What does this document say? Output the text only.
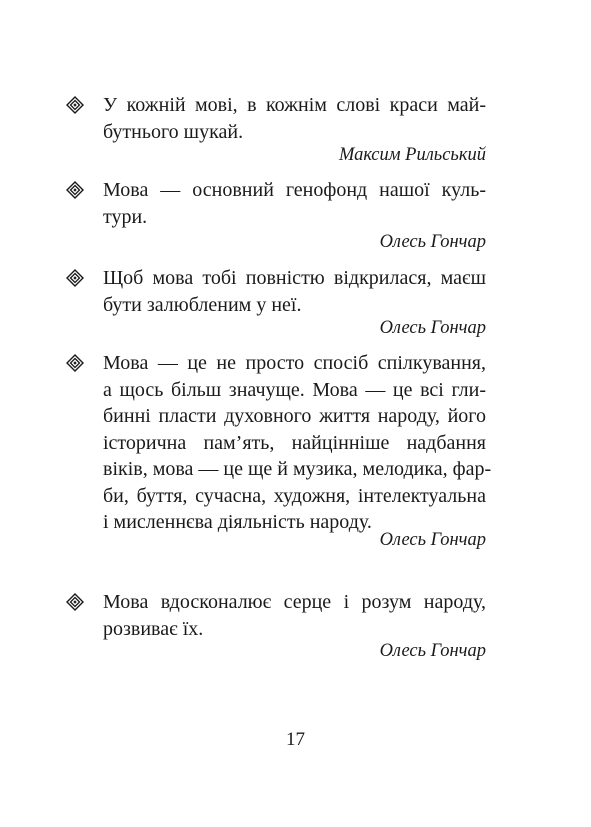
У кожній мові, в кожнім слові краси май-
бутнього шукай.
Максим Рильський
Мова — основний генофонд нашої куль-
тури.
Олесь Гончар
Щоб мова тобі повністю відкрилася, маєш
бути залюбленим у неї.
Олесь Гончар
Мова — це не просто спосіб спілкування,
а щось більш значуще. Мова — це всі гли-
бинні пласти духовного життя народу, його
історична пам’ять, найцінніше надбання
віків, мова — це ще й музика, мелодика, фар-
би, буття, сучасна, художня, інтелектуальна
і мисленнєва діяльність народу.
Олесь Гончар
Мова вдосконалює серце і розум народу,
розвиває їх.
Олесь Гончар
17
